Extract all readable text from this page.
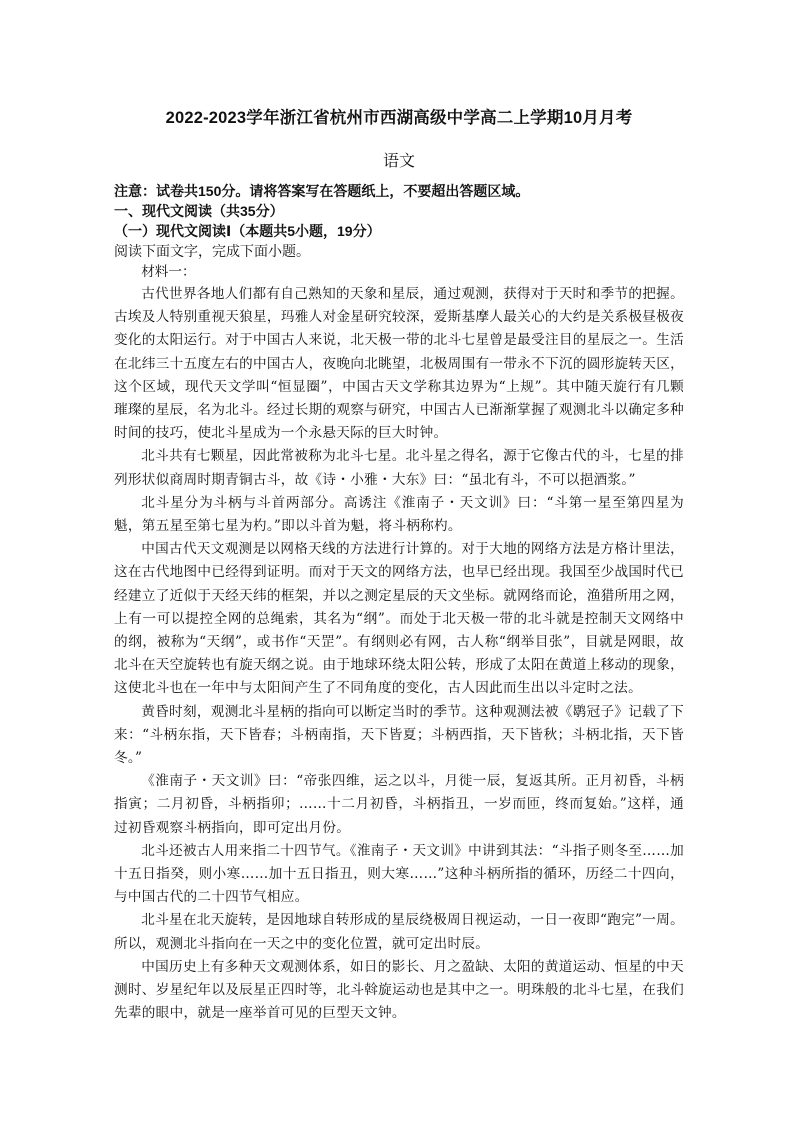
2022-2023学年浙江省杭州市西湖高级中学高二上学期10月月考
语文

注意：试卷共150分。请将答案写在答题纸上，不要超出答题区域。

一、现代文阅读（共35分）

（一）现代文阅读Ⅰ（本题共5小题，19分）

阅读下面文字，完成下面小题。

材料一：

古代世界各地人们都有自己熟知的天象和星辰，通过观测，获得对于天时和季节的把握。古埃及人特别重视天狼星，玛雅人对金星研究较深，爱斯基摩人最关心的大约是关系极昼极夜变化的太阳运行。对于中国古人来说，北天极一带的北斗七星曾是最受注目的星辰之一。生活在北纬三十五度左右的中国古人，夜晚向北眺望，北极周围有一带永不下沉的圆形旋转天区，这个区域，现代天文学叫“恒显圈”，中国古天文学称其边界为“上规”。其中随天旋行有几颗璀璨的星辰，名为北斗。经过长期的观察与研究，中国古人已渐渐掌握了观测北斗以确定多种时间的技巧，使北斗星成为一个永悬天际的巨大时钟。

北斗共有七颗星，因此常被称为北斗七星。北斗星之得名，源于它像古代的斗，七星的排列形状似商周时期青铜古斗，故《诗・小雅・大东》曰：“虽北有斗，不可以挹酒浆。”

北斗星分为斗柄与斗首两部分。高诱注《淮南子・天文训》曰：“斗第一星至第四星为魁，第五星至第七星为杓。”即以斗首为魁，将斗柄称杓。

中国古代天文观测是以网格天线的方法进行计算的。对于大地的网络方法是方格计里法，这在古代地图中已经得到证明。而对于天文的网络方法，也早已经出现。我国至少战国时代已经建立了近似于天经天纬的框架，并以之测定星辰的天文坐标。就网络而论，渔猎所用之网，上有一可以提控全网的总绳索，其名为“纲”。而处于北天极一带的北斗就是控制天文网络中的纲，被称为“天纲”，或书作“天罡”。有纲则必有网，古人称“纲举目张”，目就是网眼，故北斗在天空旋转也有旋天纲之说。由于地球环绕太阳公转，形成了太阳在黄道上移动的现象，这使北斗也在一年中与太阳间产生了不同角度的变化，古人因此而生出以斗定时之法。

黄昏时刻，观测北斗星柄的指向可以断定当时的季节。这种观测法被《鹖冠子》记载了下来：“斗柄东指，天下皆春；斗柄南指，天下皆夏；斗柄西指，天下皆秋；斗柄北指，天下皆冬。”

《淮南子・天文训》曰：“帝张四维，运之以斗，月徙一辰，复返其所。正月初昏，斗柄指寅；二月初昏，斗柄指卯；……十二月初昏，斗柄指丑，一岁而匝，终而复始。”这样，通过初昏观察斗柄指向，即可定出月份。

北斗还被古人用来指二十四节气。《淮南子・天文训》中讲到其法：“斗指子则冬至……加十五日指癸，则小寒……加十五日指丑，则大寒……”这种斗柄所指的循环，历经二十四向，与中国古代的二十四节气相应。

北斗星在北天旋转，是因地球自转形成的星辰绕极周日视运动，一日一夜即“跑完”一周。所以，观测北斗指向在一天之中的变化位置，就可定出时辰。

中国历史上有多种天文观测体系，如日的影长、月之盈缺、太阳的黄道运动、恒星的中天测时、岁星纪年以及辰星正四时等，北斗斡旋运动也是其中之一。明珠般的北斗七星，在我们先辈的眼中，就是一座举首可见的巨型天文钟。
